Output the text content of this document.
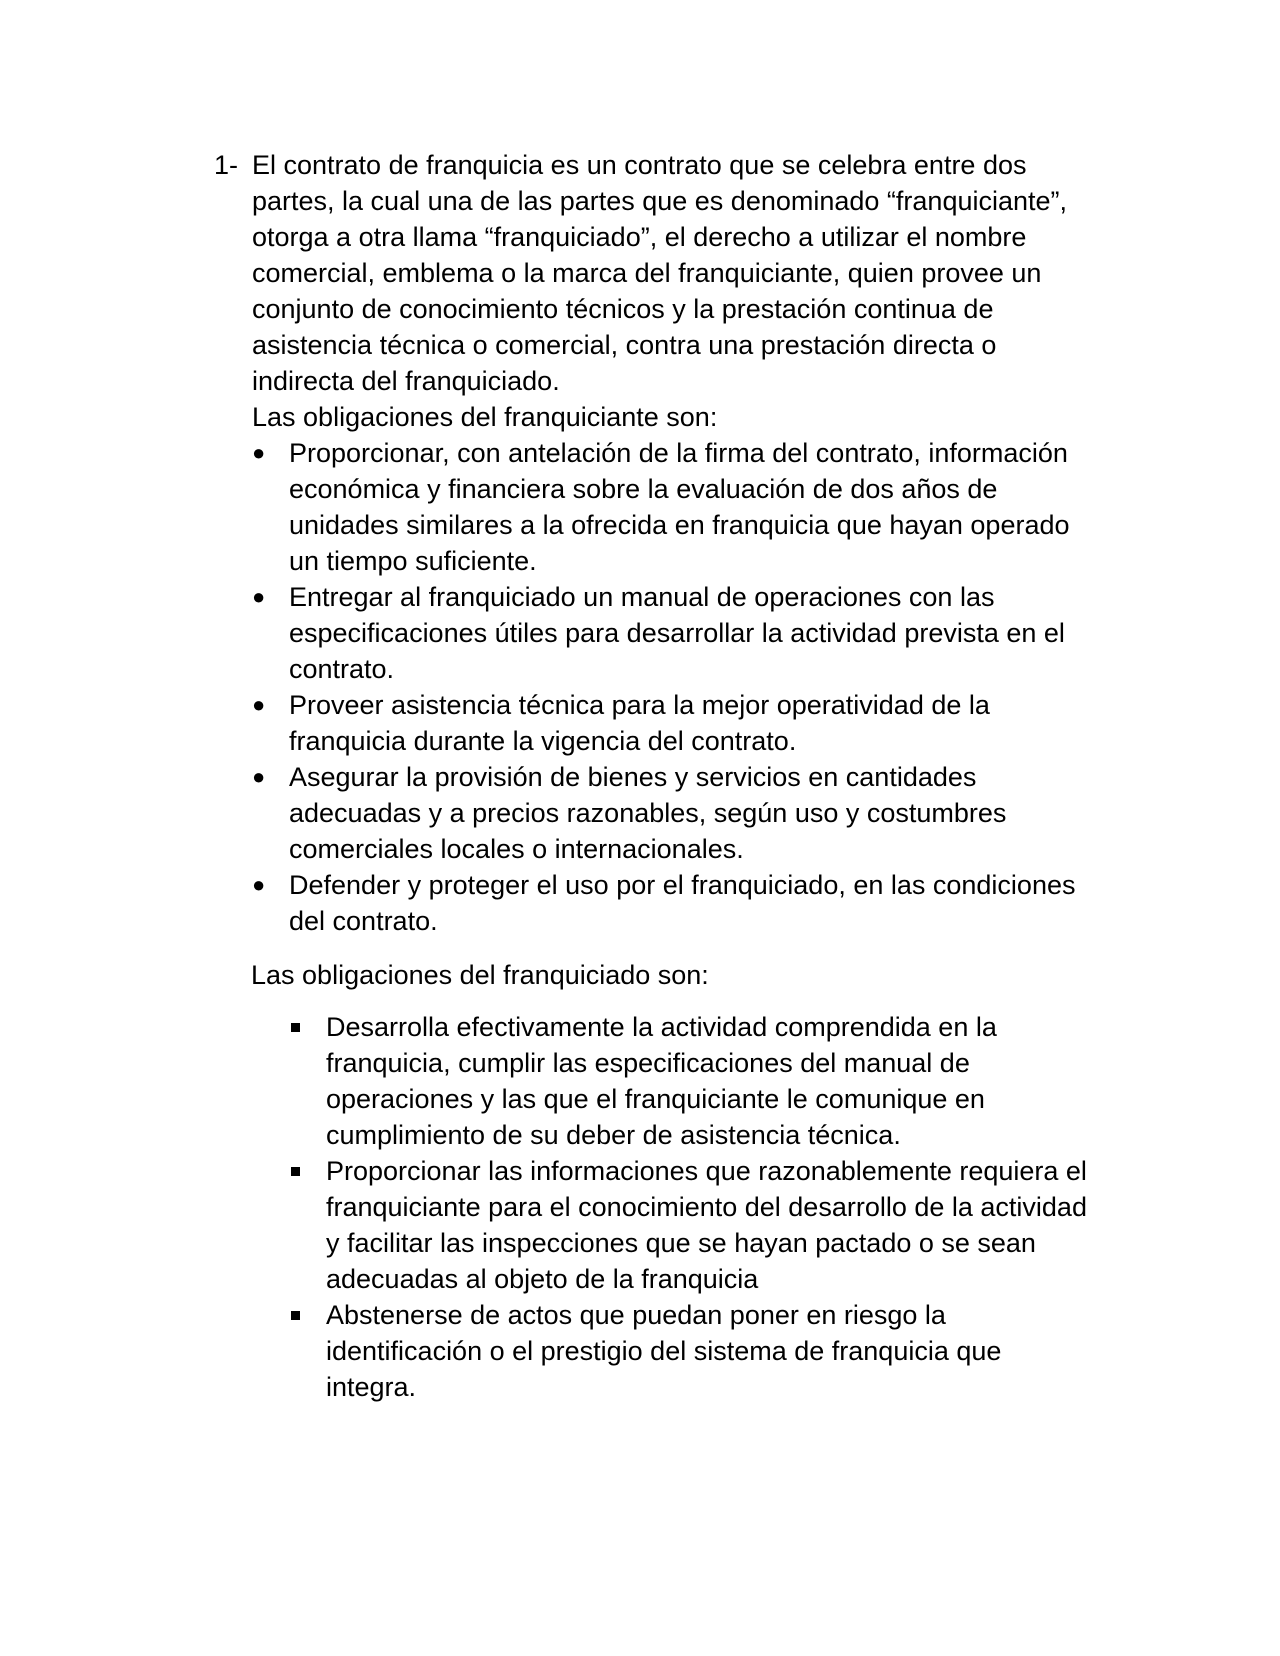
1- El contrato de franquicia es un contrato que se celebra entre dos partes, la cual una de las partes que es denominado “franquiciante”, otorga a otra llama “franquiciado”, el derecho a utilizar el nombre comercial, emblema o la marca del franquiciante, quien provee un conjunto de conocimiento técnicos y la prestación continua de asistencia técnica o comercial, contra una prestación directa o indirecta del franquiciado.

Las obligaciones del franquiciante son:

● Proporcionar, con antelación de la firma del contrato, información económica y financiera sobre la evaluación de dos años de unidades similares a la ofrecida en franquicia que hayan operado un tiempo suficiente.
● Entregar al franquiciado un manual de operaciones con las especificaciones útiles para desarrollar la actividad prevista en el contrato.
● Proveer asistencia técnica para la mejor operatividad de la franquicia durante la vigencia del contrato.
● Asegurar la provisión de bienes y servicios en cantidades adecuadas y a precios razonables, según uso y costumbres comerciales locales o internacionales.
● Defender y proteger el uso por el franquiciado, en las condiciones del contrato.

Las obligaciones del franquiciado son:

Desarrolla efectivamente la actividad comprendida en la franquicia, cumplir las especificaciones del manual de operaciones y las que el franquiciante le comunique en cumplimiento de su deber de asistencia técnica.
Proporcionar las informaciones que razonablemente requiera el franquiciante para el conocimiento del desarrollo de la actividad y facilitar las inspecciones que se hayan pactado o se sean adecuadas al objeto de la franquicia
Abstenerse de actos que puedan poner en riesgo la identificación o el prestigio del sistema de franquicia que integra.
